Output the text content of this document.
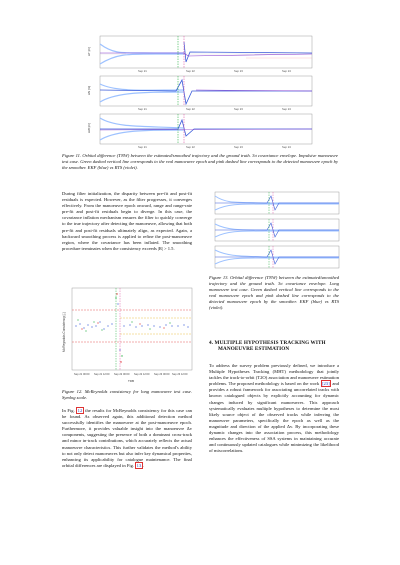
ΔT [m]
Sep 21	Sep 22	Sep 23	Sep 24
ΔN [m]
Sep 21	Sep 22	Sep 23	Sep 24
ΔW [m]
Sep 21	Sep 22	Sep 23	Sep 24
Figure 11. Orbital difference (TNW) between the estimated/smoothed trajectory and the ground truth. 3σ covariance envelope. Impulsive manoeuvre test case. Green dashed vertical line corresponds to the real manoeuvre epoch and pink dashed line corresponds to the detected manoeuvre epoch by the smoother. EKF (blue) vs RTS (violet).
During filter initialization, the disparity between pre-fit and post-fit residuals is expected. However, as the filter progresses, it converges effectively. From the manoeuvre epoch onward, range and range-rate pre-fit and post-fit residuals begin to diverge. In this case, the covariance inflation mechanism ensures the filter to quickly converge to the true trajectory after detecting the manoeuvre, allowing that both pre-fit and post-fit residuals ultimately align, as expected. Again, a backward smoothing process is applied to refine the post-manoeuvre region, where the covariance has been inflated. The smoothing procedure terminates when the consistency exceeds |R| > 1.5.
McReynolds Consistency [-]
Sep 21 00:00 Sep 21 12:00 Sep 22 00:00 Sep 22 12:00 Sep 23 00:00 Sep 23 12:00
TDB
Figure 12. McReynolds consistency for long manoeuvre test case. Symlog scale.
In Fig. 12 the results for McReynolds consistency for this case can be found. As observed again, this additional detection method successfully identifies the manoeuvre at the post-manoeuvre epoch. Furthermore, it provides valuable insight into the manoeuvre Δv components, suggesting the presence of both a dominant cross-track and minor in-track contributions, which accurately reflects the actual manoeuvre characteristics. This further validates the method's ability to not only detect manoeuvres but also infer key dynamical properties, enhancing its applicability for catalogue maintenance. The final orbital differences are displayed in Fig. 13.
Figure 13. Orbital difference (TNW) between the estimated/smoothed trajectory and the ground truth. 3σ covariance envelope. Long manoeuvre test case. Green dashed vertical line corresponds to the real manoeuvre epoch and pink dashed line corresponds to the detected manoeuvre epoch by the smoother. EKF (blue) vs RTS (violet).
4. MULTIPLE HYPOTHESIS TRACKING WITH
MANOEUVRE ESTIMATION
To address the survey problem previously defined, we introduce a Multiple Hypotheses Tracking (MHT) methodology that jointly tackles the track-to-orbit (T2O) association and manoeuvre estimation problems. The proposed methodology is based on the work [23] and provides a robust framework for associating uncorrelated tracks with known catalogued objects by explicitly accounting for dynamic changes induced by significant manoeuvres. This approach systematically evaluates multiple hypotheses to determine the most likely source object of the observed tracks while inferring the manoeuvre parameters, specifically the epoch as well as the magnitude and direction of the applied Δv. By incorporating these dynamic changes into the association process, this methodology enhances the effectiveness of SSA systems in maintaining accurate and continuously updated catalogues while minimizing the likelihood of miscorrelations.
